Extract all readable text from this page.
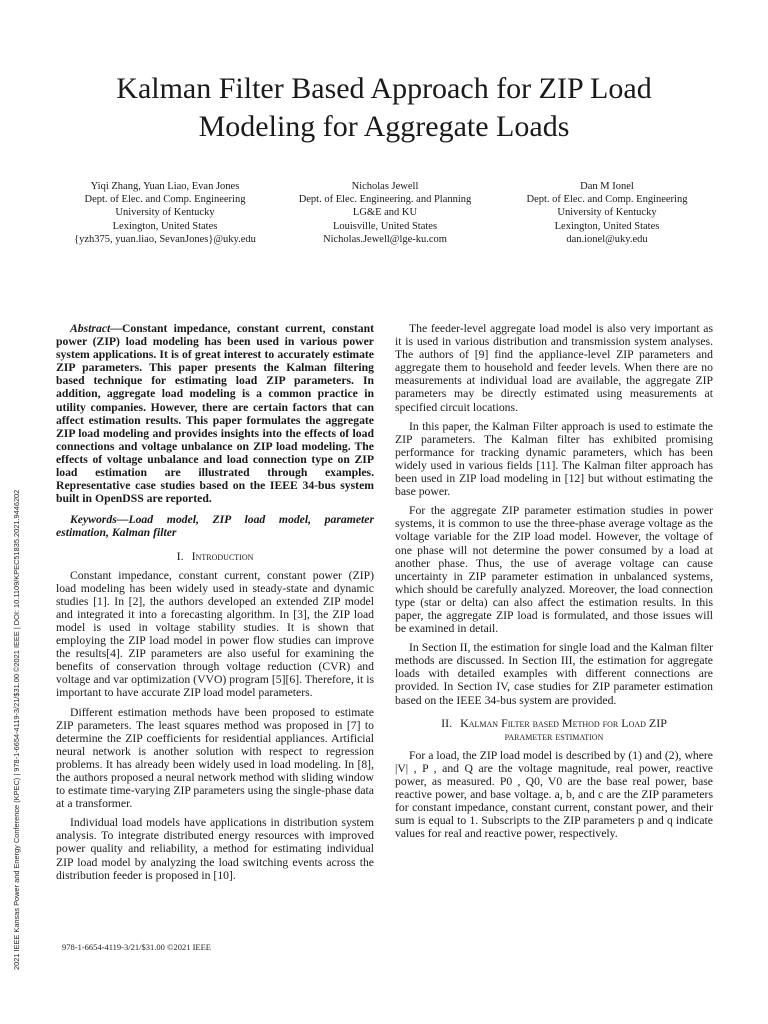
Kalman Filter Based Approach for ZIP Load Modeling for Aggregate Loads
Yiqi Zhang, Yuan Liao, Evan Jones
Dept. of Elec. and Comp. Engineering
University of Kentucky
Lexington, United States
{yzh375, yuan.liao, SevanJones}@uky.edu
Nicholas Jewell
Dept. of Elec. Engineering. and Planning
LG&E and KU
Louisville, United States
Nicholas.Jewell@lge-ku.com
Dan M Ionel
Dept. of Elec. and Comp. Engineering
University of Kentucky
Lexington, United States
dan.ionel@uky.edu
2021 IEEE Kansas Power and Energy Conference (KPEC) | 978-1-6654-4119-3/21/$31.00 ©2021 IEEE | DOI: 10.1109/KPEC51835.2021.9446202

Abstract—Constant impedance, constant current, constant power (ZIP) load modeling has been used in various power system applications. It is of great interest to accurately estimate ZIP parameters. This paper presents the Kalman filtering based technique for estimating load ZIP parameters. In addition, aggregate load modeling is a common practice in utility companies. However, there are certain factors that can affect estimation results. This paper formulates the aggregate ZIP load modeling and provides insights into the effects of load connections and voltage unbalance on ZIP load modeling. The effects of voltage unbalance and load connection type on ZIP load estimation are illustrated through examples. Representative case studies based on the IEEE 34-bus system built in OpenDSS are reported.

Keywords—Load model, ZIP load model, parameter estimation, Kalman filter

I. Introduction

Constant impedance, constant current, constant power (ZIP) load modeling has been widely used in steady-state and dynamic studies [1]. In [2], the authors developed an extended ZIP model and integrated it into a forecasting algorithm. In [3], the ZIP load model is used in voltage stability studies. It is shown that employing the ZIP load model in power flow studies can improve the results[4]. ZIP parameters are also useful for examining the benefits of conservation through voltage reduction (CVR) and voltage and var optimization (VVO) program [5][6]. Therefore, it is important to have accurate ZIP load model parameters.

Different estimation methods have been proposed to estimate ZIP parameters. The least squares method was proposed in [7] to determine the ZIP coefficients for residential appliances. Artificial neural network is another solution with respect to regression problems. It has already been widely used in load modeling. In [8], the authors proposed a neural network method with sliding window to estimate time-varying ZIP parameters using the single-phase data at a transformer.

Individual load models have applications in distribution system analysis. To integrate distributed energy resources with improved power quality and reliability, a method for estimating individual ZIP load model by analyzing the load switching events across the distribution feeder is proposed in [10].

The feeder-level aggregate load model is also very important as it is used in various distribution and transmission system analyses. The authors of [9] find the appliance-level ZIP parameters and aggregate them to household and feeder levels. When there are no measurements at individual load are available, the aggregate ZIP parameters may be directly estimated using measurements at specified circuit locations.

In this paper, the Kalman Filter approach is used to estimate the ZIP parameters. The Kalman filter has exhibited promising performance for tracking dynamic parameters, which has been widely used in various fields [11]. The Kalman filter approach has been used in ZIP load modeling in [12] but without estimating the base power.

For the aggregate ZIP parameter estimation studies in power systems, it is common to use the three-phase average voltage as the voltage variable for the ZIP load model. However, the voltage of one phase will not determine the power consumed by a load at another phase. Thus, the use of average voltage can cause uncertainty in ZIP parameter estimation in unbalanced systems, which should be carefully analyzed. Moreover, the load connection type (star or delta) can also affect the estimation results. In this paper, the aggregate ZIP load is formulated, and those issues will be examined in detail.

In Section II, the estimation for single load and the Kalman filter methods are discussed. In Section III, the estimation for aggregate loads with detailed examples with different connections are provided. In Section IV, case studies for ZIP parameter estimation based on the IEEE 34-bus system are provided.

II. Kalman Filter based Method for Load ZIP
parameter estimation

For a load, the ZIP load model is described by (1) and (2), where |V| , P , and Q are the voltage magnitude, real power, reactive power, as measured. P0 , Q0, V0 are the base real power, base reactive power, and base voltage. a, b, and c are the ZIP parameters for constant impedance, constant current, constant power, and their sum is equal to 1. Subscripts to the ZIP parameters p and q indicate values for real and reactive power, respectively.

978-1-6654-4119-3/21/$31.00 ©2021 IEEE
